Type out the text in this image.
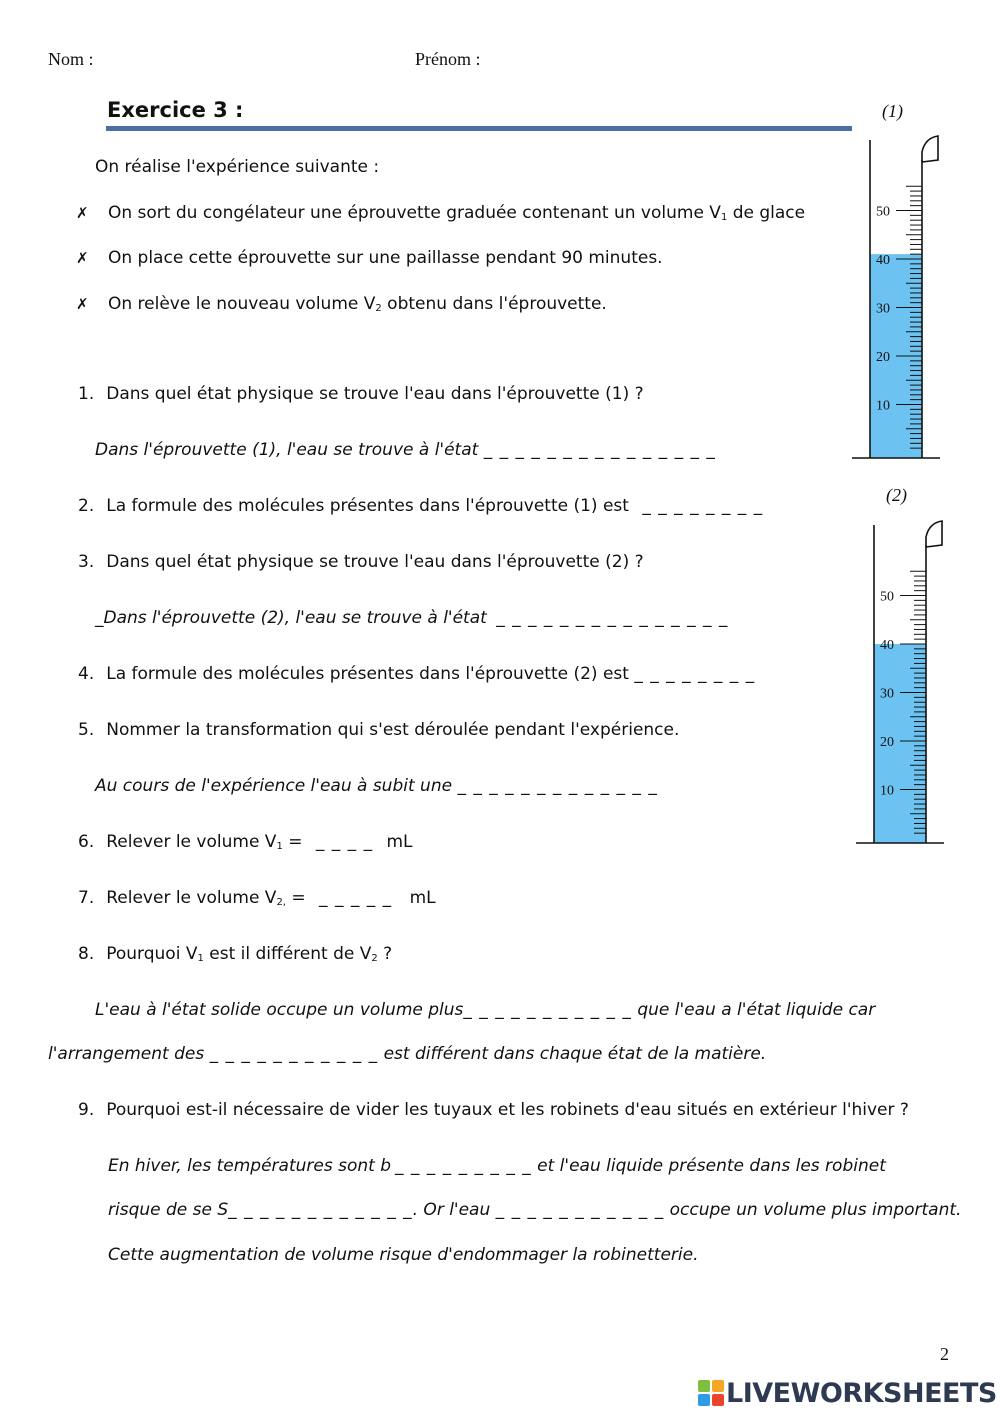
Nom :	Prénom :
Exercice 3 :
On réalise l'expérience suivante :
✗ On sort du congélateur une éprouvette graduée contenant un volume $V_1$ de glace
✗ On place cette éprouvette sur une paillasse pendant 90 minutes.
✗ On relève le nouveau volume $V_2$ obtenu dans l'éprouvette.
1. Dans quel état physique se trouve l'eau dans l'éprouvette (1) ?
Dans l'éprouvette (1), l'eau se trouve à l'état _ _ _ _ _ _ _ _ _ _ _ _ _ _ _
2. La formule des molécules présentes dans l'éprouvette (1) est _ _ _ _ _ _ _ _
3. Dans quel état physique se trouve l'eau dans l'éprouvette (2) ?
_Dans l'éprouvette (2), l'eau se trouve à l'état _ _ _ _ _ _ _ _ _ _ _ _ _ _ _
4. La formule des molécules présentes dans l'éprouvette (2) est _ _ _ _ _ _ _ _
5. Nommer la transformation qui s'est déroulée pendant l'expérience.
Au cours de l'expérience l'eau à subit une _ _ _ _ _ _ _ _ _ _ _ _ _
6. Relever le volume $V_1$ = _ _ _ _ mL
7. Relever le volume $V_{2,}$ = _ _ _ _ _ mL
8. Pourquoi $V_1$ est il différent de $V_2$ ?
L'eau à l'état solide occupe un volume plus_ _ _ _ _ _ _ _ _ _ _ que l'eau a l'état liquide car
l'arrangement des _ _ _ _ _ _ _ _ _ _ _ est différent dans chaque état de la matière.
9. Pourquoi est-il nécessaire de vider les tuyaux et les robinets d'eau situés en extérieur l'hiver ?
En hiver, les températures sont b _ _ _ _ _ _ _ _ _ et l'eau liquide présente dans les robinet
risque de se S_ _ _ _ _ _ _ _ _ _ _ _. Or l'eau _ _ _ _ _ _ _ _ _ _ _ occupe un volume plus important.
Cette augmentation de volume risque d'endommager la robinetterie.
(1)
50
40
30
20
10
(2)
50
40
30
20
10
2
LIVEWORKSHEETS
